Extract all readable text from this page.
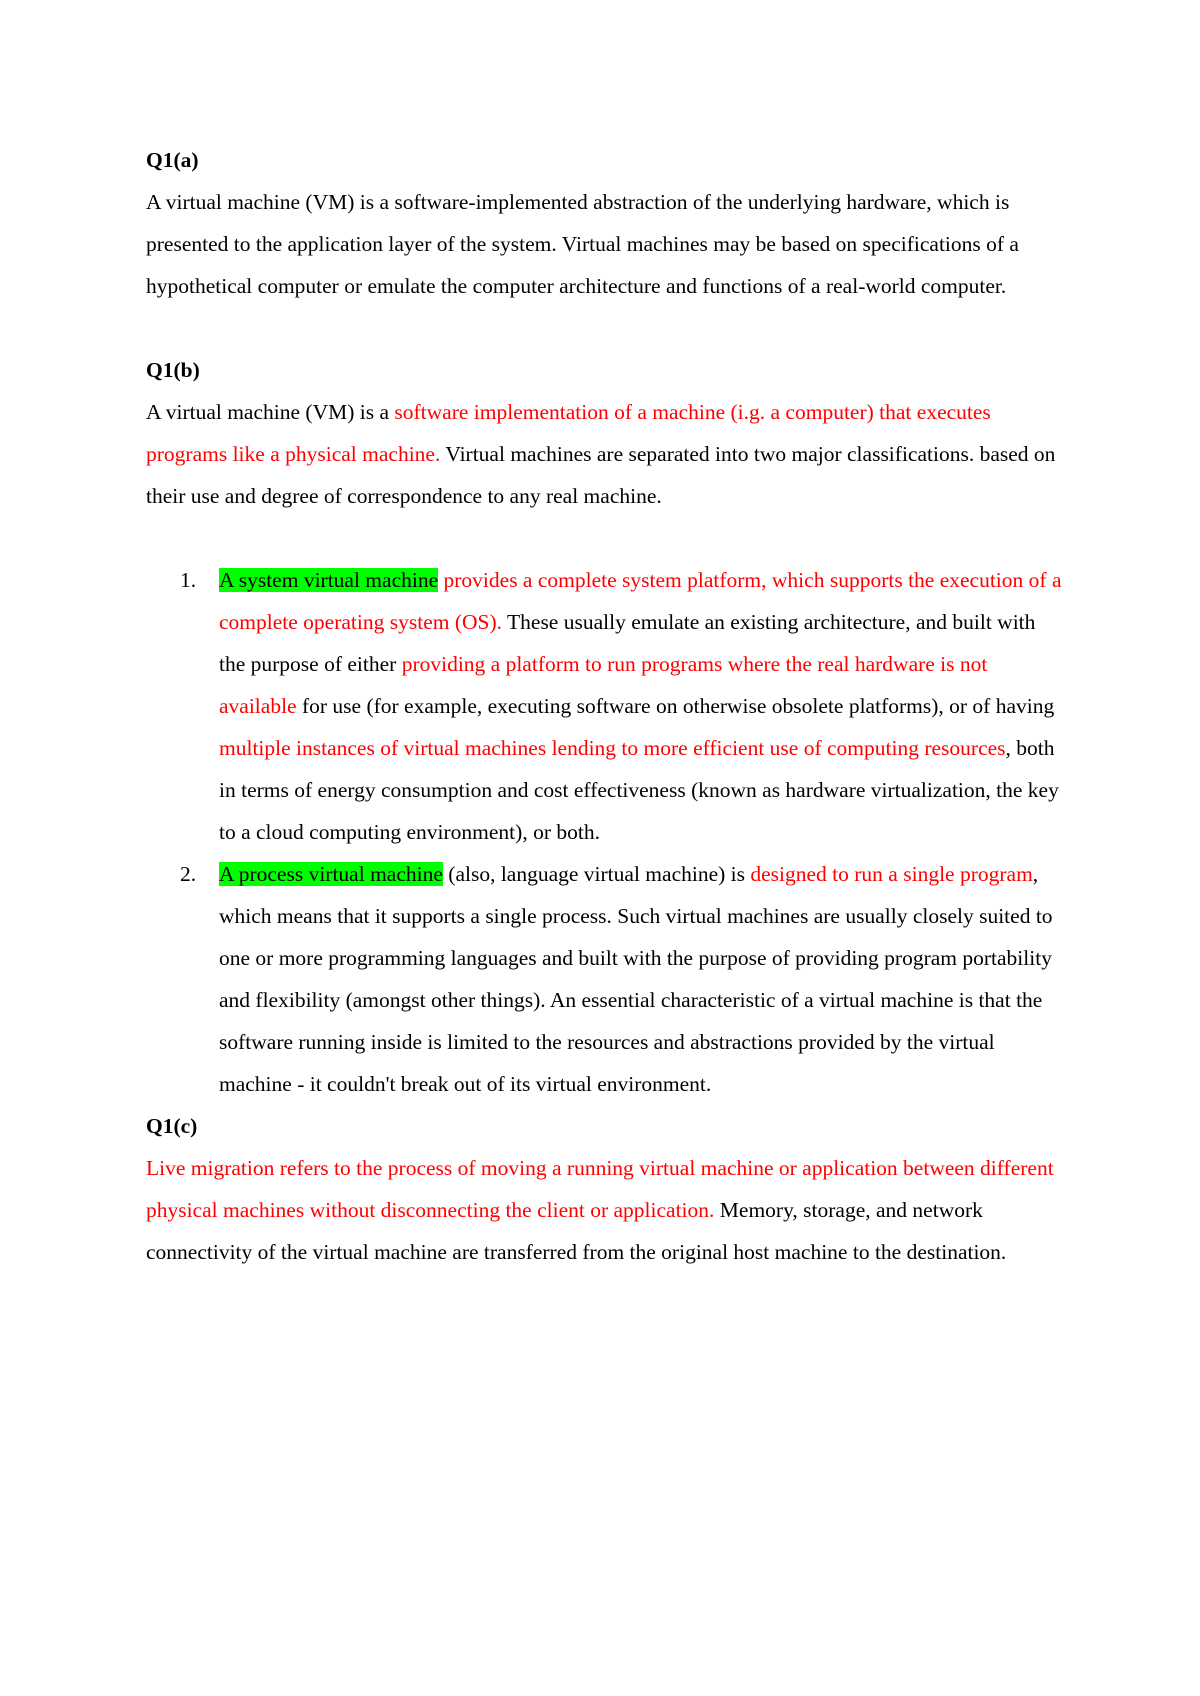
Q1(a)

A virtual machine (VM) is a software-implemented abstraction of the underlying hardware, which is presented to the application layer of the system. Virtual machines may be based on specifications of a hypothetical computer or emulate the computer architecture and functions of a real-world computer.

Q1(b)

A virtual machine (VM) is a software implementation of a machine (i.g. a computer) that executes programs like a physical machine. Virtual machines are separated into two major classifications. based on their use and degree of correspondence to any real machine.

1. A system virtual machine provides a complete system platform, which supports the execution of a complete operating system (OS). These usually emulate an existing architecture, and built with the purpose of either providing a platform to run programs where the real hardware is not available for use (for example, executing software on otherwise obsolete platforms), or of having multiple instances of virtual machines lending to more efficient use of computing resources, both in terms of energy consumption and cost effectiveness (known as hardware virtualization, the key to a cloud computing environment), or both.
2. A process virtual machine (also, language virtual machine) is designed to run a single program, which means that it supports a single process. Such virtual machines are usually closely suited to one or more programming languages and built with the purpose of providing program portability and flexibility (amongst other things). An essential characteristic of a virtual machine is that the software running inside is limited to the resources and abstractions provided by the virtual machine - it couldn't break out of its virtual environment.

Q1(c)

Live migration refers to the process of moving a running virtual machine or application between different physical machines without disconnecting the client or application. Memory, storage, and network connectivity of the virtual machine are transferred from the original host machine to the destination.
